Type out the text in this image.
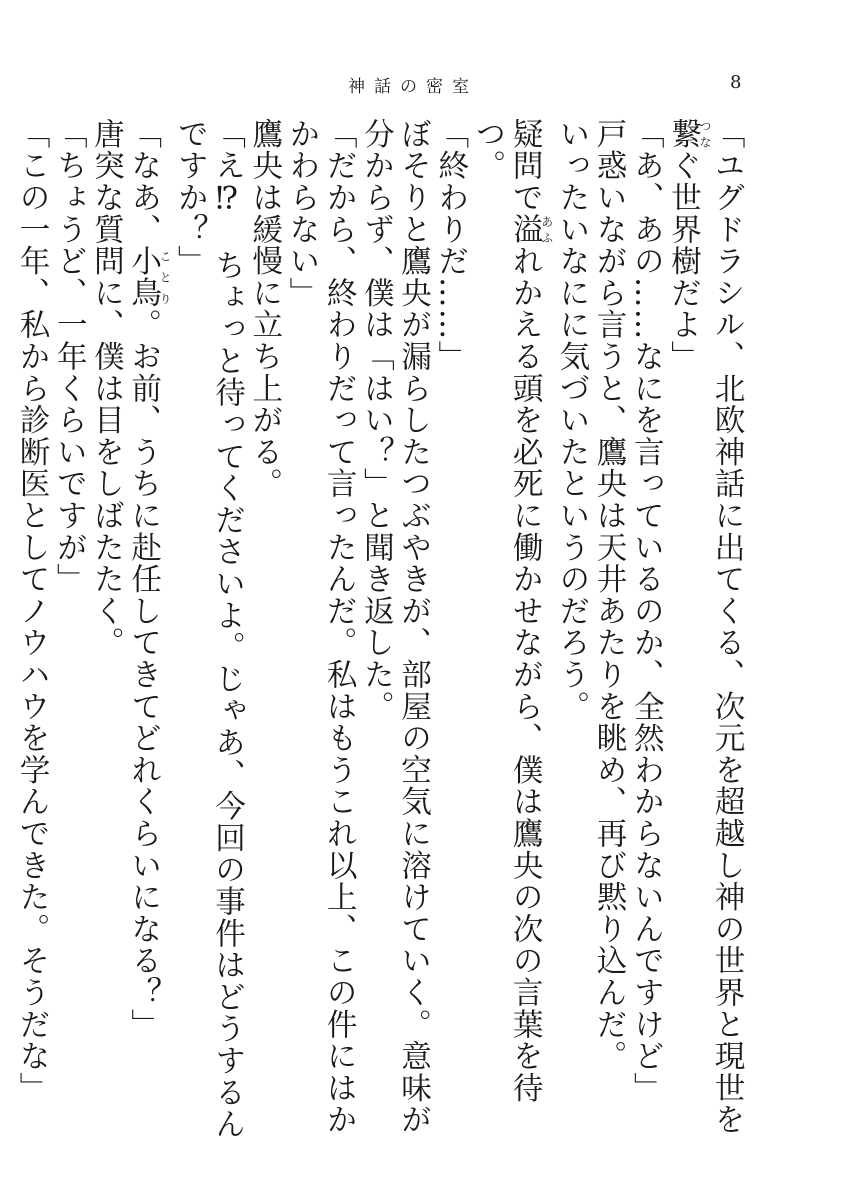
神話の密室	8

「ユグドラシル、北欧神話に出てくる、次元を超越し神の世界と現世を繋つなぐ世界樹だよ」

「あ、あの……なにを言っているのか、全然わからないんですけど」

戸惑いながら言うと、鷹央は天井あたりを眺め、再び黙り込んだ。

いったいなにに気づいたというのだろう。

疑問で溢あふれかえる頭を必死に働かせながら、僕は鷹央の次の言葉を待つ。

「終わりだ……」

ぼそりと鷹央が漏らしたつぶやきが、部屋の空気に溶けていく。意味が分からず、僕は「はい？」と聞き返した。

「だから、終わりだって言ったんだ。私はもうこれ以上、この件にはかかわらない」

鷹央は緩慢に立ち上がる。

「え⁉　ちょっと待ってくださいよ。じゃあ、今回の事件はどうするんですか？」

「なあ、小鳥ことり。お前、うちに赴任してきてどれくらいになる？」

唐突な質問に、僕は目をしばたたく。

「ちょうど、一年くらいですが」

「この一年、私から診断医としてノウハウを学んできた。そうだな」
